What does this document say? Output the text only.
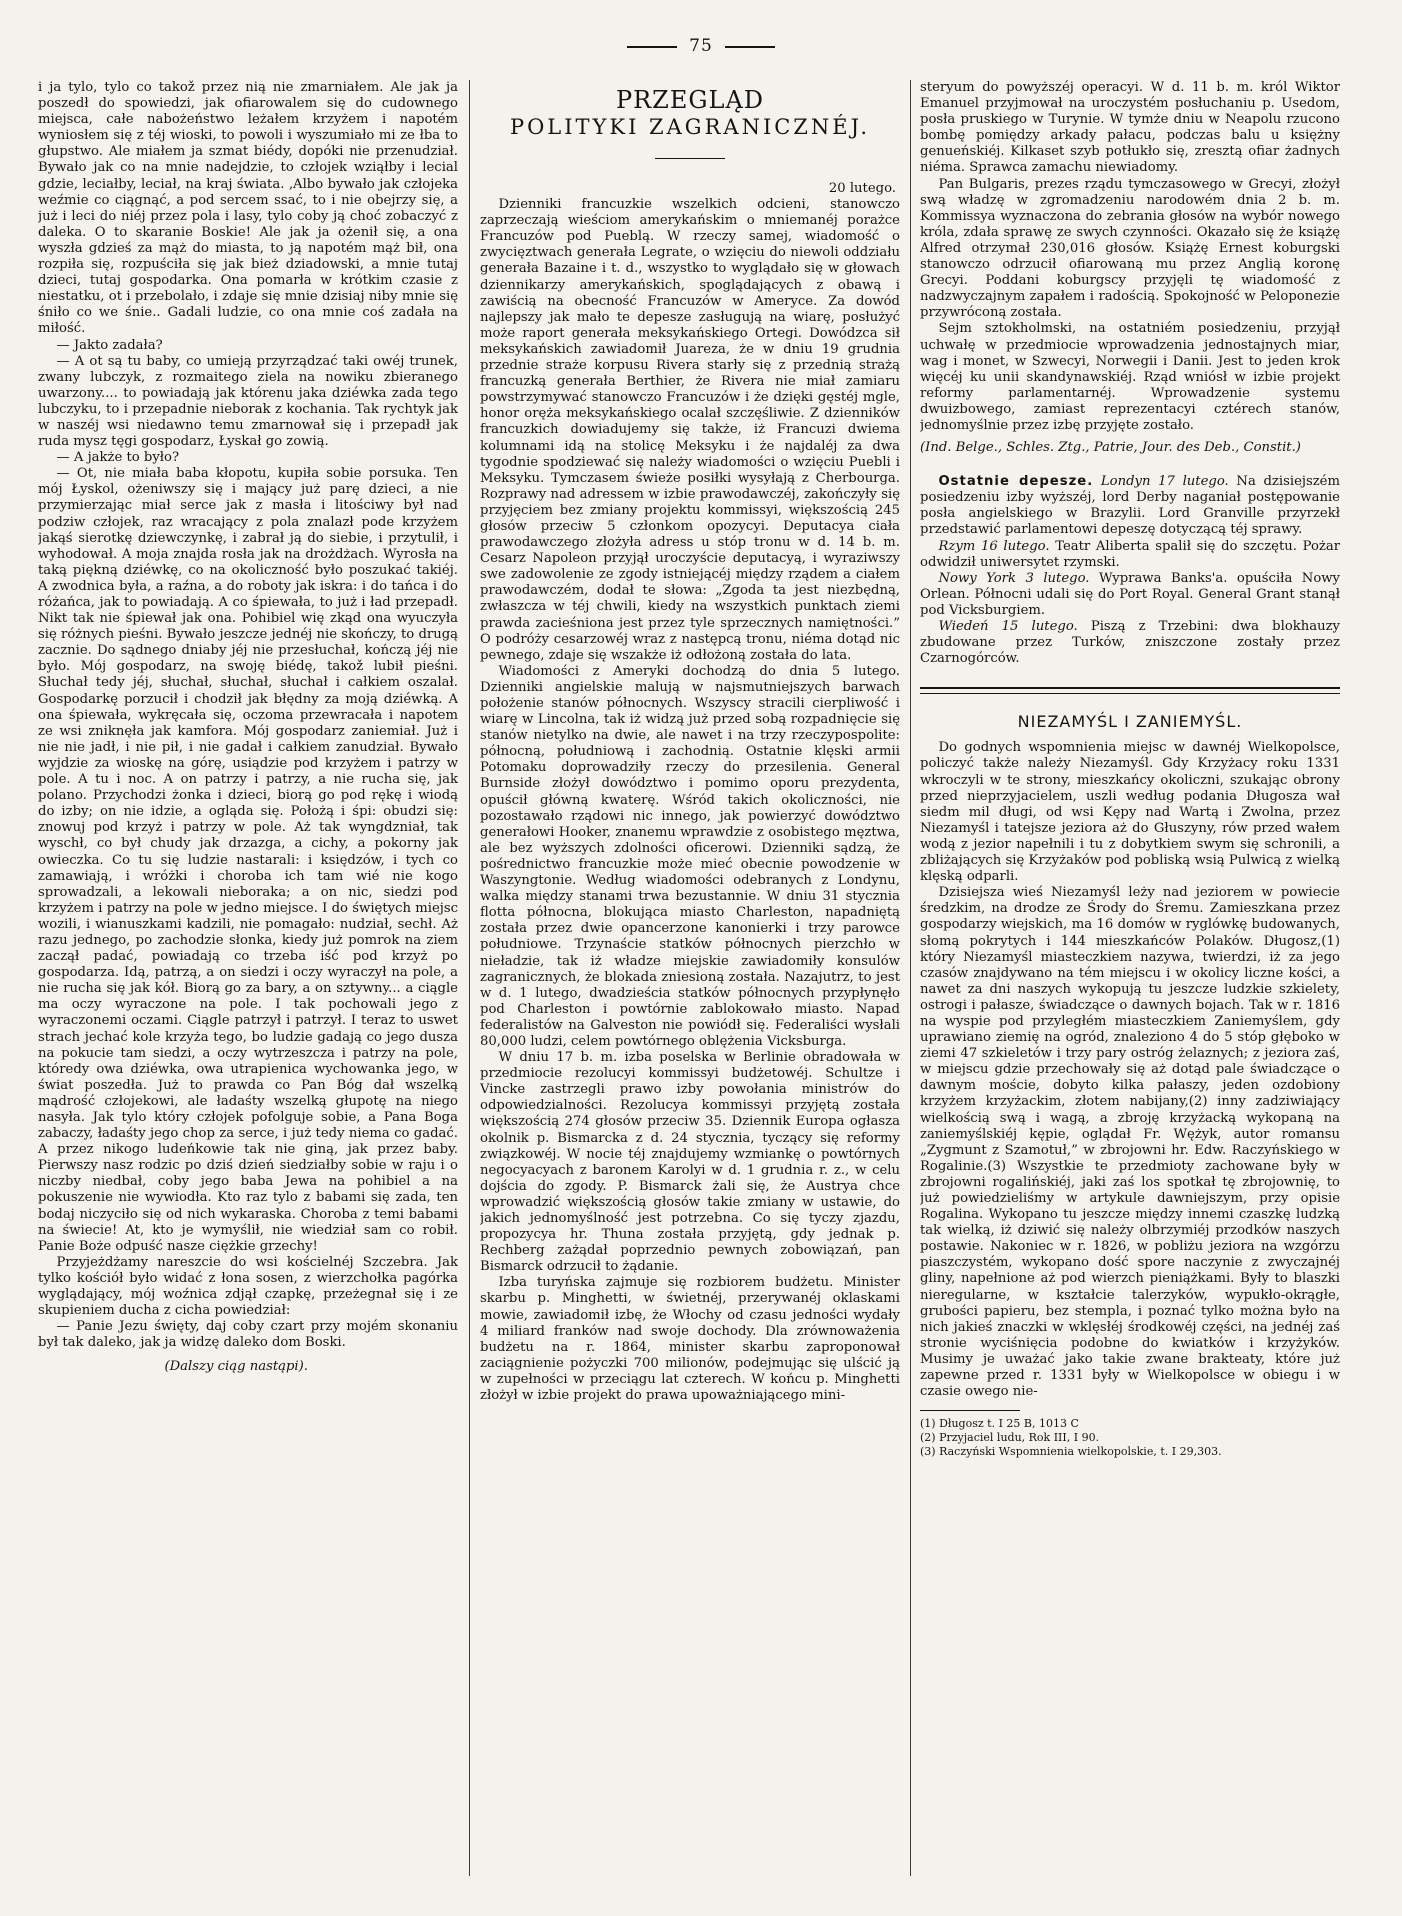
75

i ja tylo, tylo co takož przez nią nie zmarniałem. Ale jak ja poszedł do spowiedzi, jak ofiarowalem się do cudownego miejsca, całe nabożeństwo leżałem krzyżem i napotém wyniosłem się z téj wioski, to powoli i wyszumiało mi ze łba to głupstwo. Ale miałem ja szmat biédy, dopóki nie przenudział. Bywało jak co na mnie nadejdzie, to człojek wziąłby i lecial gdzie, leciałby, leciał, na kraj świata. ‚Albo bywało jak człojeka weźmie co ciągnąć, a pod sercem ssać, to i nie obejrzy się, a już i leci do niéj przez pola i lasy, tylo coby ją choć zobaczyć z daleka. O to skaranie Boskie! Ale jak ja ożenił się, a ona wyszła gdzieś za mąż do miasta, to ją napotém mąż bił, ona rozpiła się, rozpuściła się jak bież dziadowski, a mnie tutaj dzieci, tutaj gospodarka. Ona pomarła w krótkim czasie z niestatku, ot i przebolało, i zdaje się mnie dzisiaj niby mnie się śniło co we śnie.. Gadali ludzie, co ona mnie coś zadała na miłość.

— Jakto zadała?

— A ot są tu baby, co umieją przyrządzać taki owéj trunek, zwany lubczyk, z rozmaitego ziela na nowiku zbieranego uwarzony.... to powiadają jak którenu jakа dziéwka zada tego lubczyku, to i przepadnie nieborak z kochania. Tak rychtyk jak w naszéj wsi niedawno temu zmarnował się i przepadł jak ruda mysz tęgi gospodarz, Łyskał go zowią.

— A jakże to było?

— Ot, nie miała baba kłopotu, kupiła sobie porsuka. Ten mój Łyskol, ożeniwszy się i mający już parę dzieci, a nie przymierzając miał serce jak z masła i litościwy był nad podziw człojek, raz wracający z pola znalazł pode krzyżem jakąś sierotkę dziewczynkę, i zabrał ją do siebie, i przytulił, i wyhodował. A moja znajda rosła jak na drożdżach. Wyrosła na taką piękną dziéwkę, co na okoliczność było poszukać takiéj. A zwodnica była, a raźna, a do roboty jak iskra: i do tańca i do różańca, jak to powiadają. A co śpiewała, to już i ład przepadł. Nikt tak nie śpiewał jak ona. Pohibiel wię zkąd ona wyuczyła się różnych pieśni. Bywało jeszcze jednéj nie skończy, to drugą zacznie. Do sądnego dniaby jéj nie przesłuchał, kończą jéj nie było. Mój gospodarz, na swoję biédę, takož lubił pieśni. Słuchał tedy jéj, słuchał, słuchał, słuchał i całkiem oszalał. Gospodarkę porzucił i chodził jak błędny za moją dziéwką. A ona śpiewała, wykręcała się, oczoma przewracała i napotem ze wsi zniknęła jak kamfora. Mój gospodarz zaniemiał. Już i nie nie jadł, i nie pił, i nie gadał i całkiem zanudział. Bywało wyjdzie za wioskę na górę, usiądzie pod krzyżem i patrzy w pole. A tu i noc. A on patrzy i patrzy, a nie rucha się, jak polano. Przychodzi żonka i dzieci, biorą go pod rękę i wiodą do izby; on nie idzie, a ogląda się. Położą i śpi: obudzi się: znowuj pod krzyż i patrzy w pole. Aż tak wyngdzniał, tak wyschł, co był chudy jak drzazga, a cichy, a pokorny jak owieczka. Co tu się ludzie nastarali: i księdzów, i tych co zamawiają, i wróżki i choroba ich tam wié nie kogo sprowadzali, a lekowali nieboraka; a on nic, siedzi pod krzyżem i patrzy na pole w jedno miejsce. I do świętych miejsc wozili, i wianuszkami kadzili, nie pomagało: nudział, sechł. Aż razu jednego, po zachodzie słonka, kiedy już pomrok na ziem zaczął padać, powiadają co trzeba iść pod krzyż po gospodarza. Idą, patrzą, a on siedzi i oczy wyraczył na pole, a nie rucha się jak kół. Biorą go za bary, a on sztywny... a ciągle ma oczy wyraczone na pole. I tak pochowali jego z wyraczonemi oczami. Ciągle patrzył i patrzył. I teraz to uswet strach jechać kole krzyża tego, bo ludzie gadają co jego dusza na pokucie tam siedzi, a oczy wytrzeszcza i patrzy na pole, któredy owa dziéwka, owa utrapienica wychowanka jego, w świat poszedła. Już to prawda co Pan Bóg dał wszelką mądrość człojekowi, ale ładaśty wszelką głupotę na niego nasyłа. Jak tylo który człojek pofolguje sobie, a Pana Boga zabaczy, ładaśty jego chop za serce, i już tedy niema co gadać. A przez nikogo ludeńkowie tak nie giną, jak przez baby. Pierwszy nasz rodzic po dziś dzień siedziałby sobie w raju i o niczby niedbał, coby jego baba Jewa na pohibiel a na pokuszenie nie wywiodła. Kto raz tylo z babami się zada, ten bodaj niczyciło się od nich wykaraska. Choroba z temi babami na świecie! At, kto je wymyślił, nie wiedział sam co robił. Panie Boże odpuść nasze ciężkie grzechy!

Przyjeżdżamy nareszcie do wsi kościelnéj Szczebra. Jak tylko kościół było widać z łona sosen, z wierzchołka pagórka wyglądający, mój woźnica zdjął czapkę, przeżegnał się i ze skupieniem ducha z cicha powiedział:

— Panie Jezu święty, daj coby czart przy mojém skonaniu był tak daleko, jak ja widzę daleko dom Boski.

(Dalszy ciąg nastąpi).
PRZEGLĄD
POLITYKI ZAGRANICZNÉJ.
20 lutego.

Dzienniki francuzkie wszelkich odcieni, stanowczo zaprzeczają wieściom amerykańskim o mniemanéj porażce Francuzów pod Pueblą. W rzeczy samej, wiadomość o zwycięztwach generała Legrate, o wzięciu do niewoli oddziału generała Bazaine i t. d., wszystko to wyglądało się w głowach dziennikarzy amerykańskich, spoglądających z obawą i zawiścią na obecność Francuzów w Ameryce. Za dowód najlepszy jak mało te depesze zasługują na wiarę, posłużyć może raport generała meksykańskiego Ortegi. Dowódzca sił meksykańskich zawiadomił Juareza, że w dniu 19 grudnia przednie straże korpusu Rivera starły się z przednią strażą francuzką generała Berthier, że Rivera nie miał zamiaru powstrzymywać stanowczo Francuzów i że dzięki gęstéj mgle, honor oręża meksykańskiego ocalał szczęśliwie. Z dzienników francuzkich dowiadujemy się także, iż Francuzi dwiema kolumnami idą na stolicę Meksyku i że najdaléj za dwa tygodnie spodziewać się należy wiadomości o wzięciu Puebli i Meksyku. Tymczasem świeże posiłki wysyłają z Cherbourga. Rozprawy nad adressem w izbie prawodawczéj, zakończyły się przyjęciem bez zmiany projektu kommissyi, większością 245 głosów przeciw 5 członkom opozycyi. Deputacya ciała prawodawczego złożyła adress u stóp tronu w d. 14 b. m. Cesarz Napoleon przyjął uroczyście deputacyą, i wyraziwszy swe zadowolenie ze zgody istniejącéj między rządem a ciałem prawodawczém, dodał te słowa: „Zgoda ta jest niezbędną, zwłaszcza w téj chwili, kiedy na wszystkich punktach ziemi prawda zacieśniona jest przez tyle sprzecznych namiętności.” O podróży cesarzowéj wraz z następcą tronu, niéma dotąd nic pewnego, zdaje się wszakże iż odłożoną została do lata.

Wiadomości z Ameryki dochodzą do dnia 5 lutego. Dzienniki angielskie malują w najsmutniejszych barwach położenie stanów północnych. Wszyscy stracili cierpliwość i wiarę w Lincolna, tak iż widzą już przed sobą rozpadnięcie się stanów nietylko na dwie, ale nawet i na trzy rzeczypospolite: północną, południową i zachodnią. Ostatnie klęski armii Potomaku doprowadziły rzeczy do przesilenia. General Burnside złożył dowództwo i pomimo oporu prezydenta, opuścił główną kwaterę. Wśród takich okoliczności, nie pozostawało rządowi nic innego, jak powierzyć dowództwo generałowi Hooker, znanemu wprawdzie z osobistego męztwa, ale bez wyższych zdolności oficerowi. Dzienniki sądzą, że pośrednictwo francuzkie może mieć obecnie powodzenie w Waszyngtonie. Według wiadomości odebranych z Londynu, walka między stanami trwa bezustannie. W dniu 31 stycznia flotta północna, blokująca miasto Charleston, napadniętą została przez dwie opancerzone kanonierki i trzy parowce południowe. Trzynaście statków północnych pierzchło w nieładzie, tak iż władze miejskie zawiadomiły konsulów zagranicznych, że blokada zniesioną została. Nazajutrz, to jest w d. 1 lutego, dwadzieścia statków północnych przypłynęło pod Charleston i powtórnie zablokowało miasto. Napad federalistów na Galveston nie powiódł się. Federaliści wysłali 80,000 ludzi, celem powtórnego oblężenia Vicksburga.

W dniu 17 b. m. izba poselska w Berlinie obradowała w przedmiocie rezolucyi kommissyi budżetowéj. Schultze i Vincke zastrzegli prawo izby powołania ministrów do odpowiedzialności. Rezolucya kommissyi przyjętą została większością 274 głosów przeciw 35. Dziennik Europa ogłasza okolnik p. Bismarcka z d. 24 stycznia, tyczący się reformy związkowéj. W nocie téj znajdujemy wzmiankę o powtórnych negocyacyach z baronem Karolyi w d. 1 grudnia r. z., w celu dojścia do zgody. P. Bismarck żali się, że Austrya chce wprowadzić większością głosów takie zmiany w ustawie, do jakich jednomyślność jest potrzebna. Co się tyczy zjazdu, propozycya hr. Thuna została przyjętą, gdy jednak p. Rechberg zażądał poprzednio pewnych zobowiązań, pan Bismarck odrzucił to żądanie.

Izba turyńska zajmuje się rozbiorem budżetu. Minister skarbu p. Minghetti, w świetnéj, przerywanéj oklaskami mowie, zawiadomił izbę, że Włochy od czasu jedności wydały 4 miliard franków nad swoje dochody. Dla zrównoważenia budżetu na r. 1864, minister skarbu zaproponował zaciągnienie pożyczki 700 milionów, podejmując się ulścić ją w zupełności w przeciągu lat czterech. W końcu p. Minghetti złożył w izbie projekt do prawa upoważniającego mini-

steryum do powyższéj operacyi. W d. 11 b. m. król Wiktor Emanuel przyjmował na uroczystém posłuchaniu p. Usedom, posła pruskiego w Turynie. W tymże dniu w Neapolu rzucono bombę pomiędzy arkady pałacu, podczas balu u księżny genueńskiéj. Kilkaset szyb potłukło się, zresztą ofiar żadnych niéma. Sprawca zamachu niewiadomy.

Pan Bulgaris, prezes rządu tymczasowego w Grecyi, złożył swą władzę w zgromadzeniu narodowém dnia 2 b. m. Kommissya wyznaczona do zebrania głosów na wybór nowego króla, zdała sprawę ze swych czynności. Okazało się że książę Alfred otrzymał 230,016 głosów. Książę Ernest koburgski stanowczo odrzucił ofiarowaną mu przez Anglią koronę Grecyi. Poddani koburgscy przyjęli tę wiadomość z nadzwyczajnym zapałem i radością. Spokojność w Peloponezie przywróconą została.

Sejm sztokholmski, na ostatniém posiedzeniu, przyjął uchwałę w przedmiocie wprowadzenia jednostajnych miar, wag i monet, w Szwecyi, Norwegii i Danii. Jest to jeden krok więcéj ku unii skandynawskiéj. Rząd wniósł w izbie projekt reformy parlamentarnéj. Wprowadzenie systemu dwuizbowego, zamiast reprezentacyi cztérech stanów, jednomyślnie przez izbę przyjęte zostało.

(Ind. Belge., Schles. Ztg., Patrie, Jour. des Deb., Constit.)

Ostatnie depesze. Londyn 17 lutego. Na dzisiejszém posiedzeniu izby wyższéj, lord Derby naganiał postępowanie posła angielskiego w Brazylii. Lord Granville przyrzekł przedstawić parlamentowi depeszę dotyczącą téj sprawy.

Rzym 16 lutego. Teatr Aliberta spalił się do szczętu. Pożar odwidził uniwersytet rzymski.

Nowy York 3 lutego. Wyprawa Banks'a. opuściła Nowy Orlean. Północni udali się do Port Royal. General Grant stanął pod Vicksburgiem.

Wiedeń 15 lutego. Piszą z Trzebini: dwa blokhauzy zbudowane przez Turków, zniszczone zostały przez Czarnogórców.

NIEZAMYŚL I ZANIEMYŚL.

Do godnych wspomnienia miejsc w dawnéj Wielkopolsce, policzyć także należy Niezamyśl. Gdy Krzyżacy roku 1331 wkroczyli w te strony, mieszkańcy okolicznі, szukając obrony przed nieprzyjacielem, uszli według podania Długosza wał siedm mil długi, od wsi Kępy nad Wartą i Zwolna, przez Niezamyśl i tatejsze jeziora aż do Głuszyny, rów przed wałem wodą z jezior napełnili i tu z dobytkiem swym się schronili, a zbliżających się Krzyżaków pod pobliską wsią Pulwicą z wielką klęską odparli.

Dzisiejsza wieś Niezamyśl leży nad jeziorem w powiecie średzkim, na drodze ze Środy do Śremu. Zamieszkana przez gospodarzy wiejskich, ma 16 domów w ryglówkę budowanych, słomą pokrytych i 144 mieszkańców Polaków. Długosz,(1) który Niezamyśl miasteczkiem nazywa, twierdzi, iż za jego czasów znajdywano na tém miejscu i w okolicy liczne kości, a nawet za dni naszych wykopują tu jeszcze ludzkie szkielety, ostrogi i pałasze, świadczące o dawnych bojach. Tak w r. 1816 na wyspie pod przyległém miasteczkiem Zaniemyślem, gdy uprawiano ziemię na ogród, znaleziono 4 do 5 stóp głęboko w ziemi 47 szkieletów i trzy pary ostróg żelaznych; z jeziora zaś, w miejscu gdzie przechowały się aż dotąd pale świadczące o dawnym moście, dobyto kilka pałaszy, jeden ozdobiony krzyżem krzyżackim, złotem nabijany,(2) inny zadziwiający wielkością swą i wagą, a zbroję krzyżacką wykopaną na zaniemyślskiéj kępie, oglądał Fr. Wężyk, autor romansu „Zygmunt z Szamotuł,” w zbrojowni hr. Edw. Raczyńskiego w Rogalinie.(3) Wszystkie te przedmioty zachowane były w zbrojowni rogalińskiéj, jaki zaś los spotkał tę zbrojownię, to już powiedzieliśmy w artykule dawniejszym, przy opisie Rogalina. Wykopano tu jeszcze między innemi czaszkę ludzką tak wielką, iż dziwić się należy olbrzymiéj przodków naszych postawie. Nakoniec w r. 1826, w pobliżu jeziora na wzgórzu piaszczystém, wykopano dość spore naczynie z zwyczajnéj gliny, napełnione aż pod wierzch pieniążkami. Były to blaszki nieregularne, w kształcie talerzyków, wypukło-okrągłe, grubości papieru, bez stempla, i poznać tylko można było na nich jakieś znaczki w wklęsłéj środkowéj części, na jednéj zaś stronie wyciśnięcia podobne do kwiatków i krzyżyków. Musimy je uważać jako takie zwane brakteaty, które już zapewne przed r. 1331 były w Wielkopolsce w obiegu i w czasie owego nie-

(1) Długosz t. I 25 B, 1013 C

(2) Przyjaciel ludu, Rok III, I 90.

(3) Raczyński Wspomnienia wielkopolskie, t. I 29,303.
